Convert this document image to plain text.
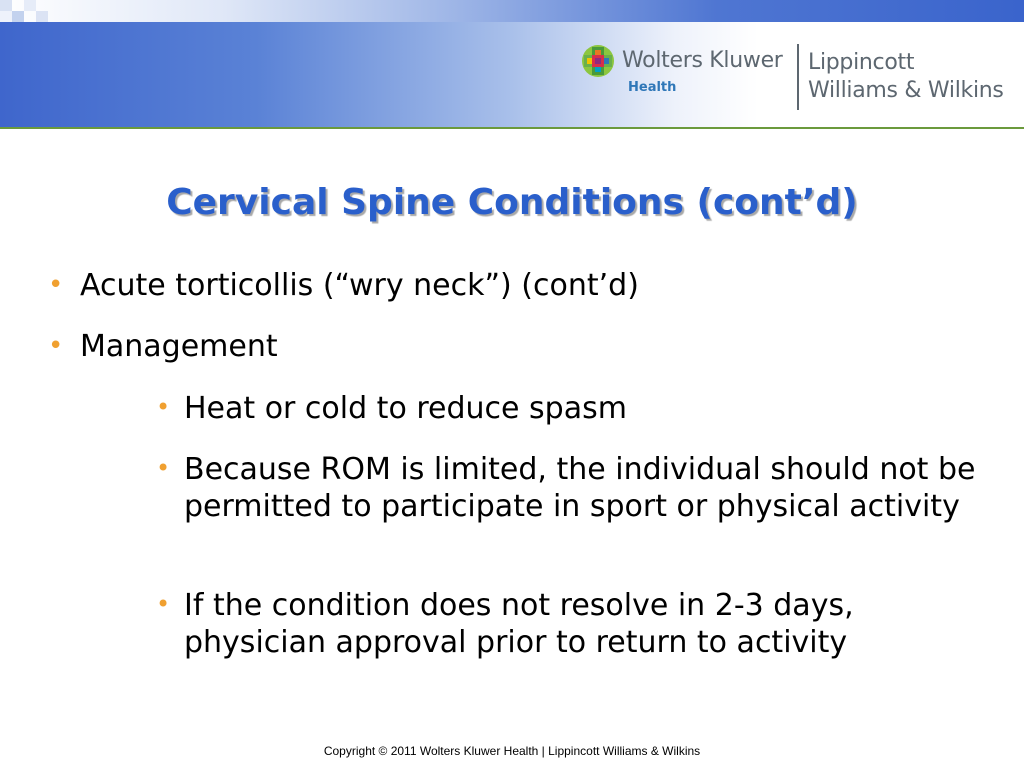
Wolters Kluwer
Health
Lippincott
Williams & Wilkins
Cervical Spine Conditions (cont’d)
• Acute torticollis (“wry neck”) (cont’d)
• Management
• Heat or cold to reduce spasm
• Because ROM is limited, the individual should not be permitted to participate in sport or physical activity
• If the condition does not resolve in 2-3 days, physician approval prior to return to activity
Copyright © 2011 Wolters Kluwer Health | Lippincott Williams & Wilkins
